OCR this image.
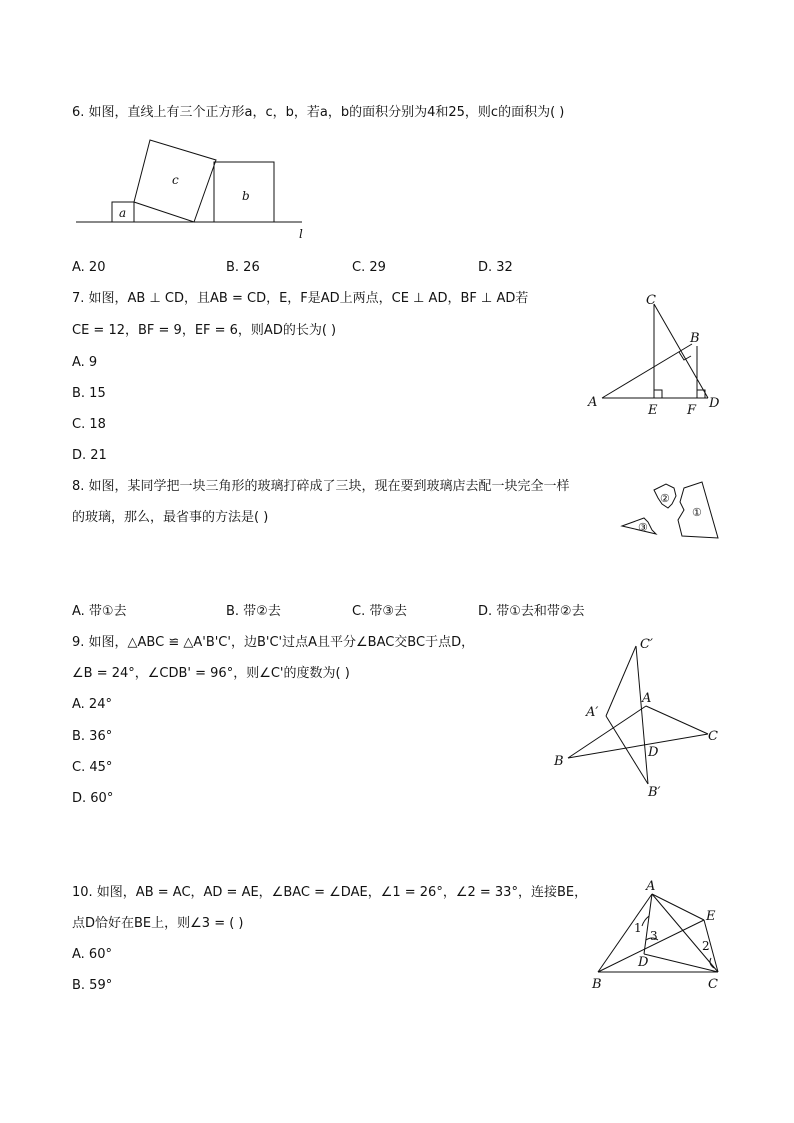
6. 如图，直线上有三个正方形a，c，b，若a，b的面积分别为4和25，则c的面积为( )
a
c
b
l
A. 20	B. 26	C. 29	D. 32
7. 如图，AB ⊥ CD，且AB = CD，E，F是AD上两点，CE ⊥ AD，BF ⊥ AD若
CE = 12，BF = 9，EF = 6，则AD的长为( )
A. 9
B. 15
C. 18
D. 21
A
C
B
D
E F
8. 如图，某同学把一块三角形的玻璃打碎成了三块，现在要到玻璃店去配一块完全一样
的玻璃，那么，最省事的方法是( )
③
②
①
A. 带①去	B. 带②去	C. 带③去	D. 带①去和带②去
9. 如图，△ABC ≌ △A'B'C'，边B'C'过点A且平分∠BAC交BC于点D，
∠B = 24°，∠CDB' = 96°，则∠C'的度数为( )
A. 24°
B. 36°
C. 45°
D. 60°
B
A
C
C′
A′
D
B′
10. 如图，AB = AC，AD = AE，∠BAC = ∠DAE，∠1 = 26°，∠2 = 33°，连接BE，
点D恰好在BE上，则∠3 = ( )
A. 60°
B. 59°
A
E
B	C
D
1
3
2
